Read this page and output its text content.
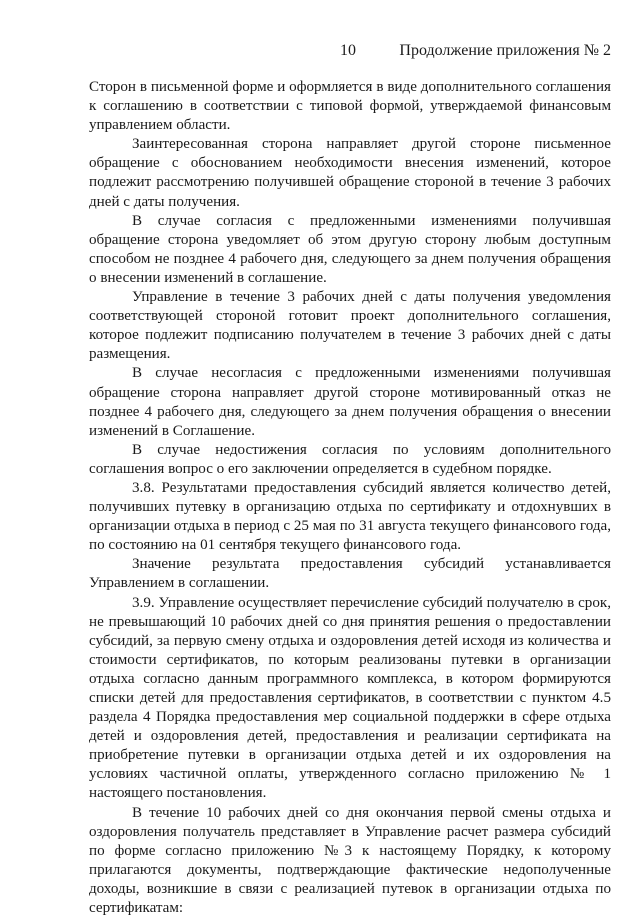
10	Продолжение приложения № 2

Сторон в письменной форме и оформляется в виде дополнительного соглашения к соглашению в соответствии с типовой формой, утверждаемой финансовым управлением области.

Заинтересованная сторона направляет другой стороне письменное обращение с обоснованием необходимости внесения изменений, которое подлежит рассмотрению получившей обращение стороной в течение 3 рабочих дней с даты получения.

В случае согласия с предложенными изменениями получившая обращение сторона уведомляет об этом другую сторону любым доступным способом не позднее 4 рабочего дня, следующего за днем получения обращения о внесении изменений в соглашение.

Управление в течение 3 рабочих дней с даты получения уведомления соответствующей стороной готовит проект дополнительного соглашения, которое подлежит подписанию получателем в течение 3 рабочих дней с даты размещения.

В случае несогласия с предложенными изменениями получившая обращение сторона направляет другой стороне мотивированный отказ не позднее 4 рабочего дня, следующего за днем получения обращения о внесении изменений в Соглашение.

В случае недостижения согласия по условиям дополнительного соглашения вопрос о его заключении определяется в судебном порядке.

3.8. Результатами предоставления субсидий является количество детей, получивших путевку в организацию отдыха по сертификату и отдохнувших в организации отдыха в период с 25 мая по 31 августа текущего финансового года, по состоянию на 01 сентября текущего финансового года.

Значение результата предоставления субсидий устанавливается Управлением в соглашении.

3.9. Управление осуществляет перечисление субсидий получателю в срок, не превышающий 10 рабочих дней со дня принятия решения о предоставлении субсидий, за первую смену отдыха и оздоровления детей исходя из количества и стоимости сертификатов, по которым реализованы путевки в организации отдыха согласно данным программного комплекса, в котором формируются списки детей для предоставления сертификатов, в соответствии с пунктом 4.5 раздела 4 Порядка предоставления мер социальной поддержки в сфере отдыха детей и оздоровления детей, предоставления и реализации сертификата на приобретение путевки в организации отдыха детей и их оздоровления на условиях частичной оплаты, утвержденного согласно приложению № 1 настоящего постановления.

В течение 10 рабочих дней со дня окончания первой смены отдыха и оздоровления получатель представляет в Управление расчет размера субсидий по форме согласно приложению №3 к настоящему Порядку, к которому прилагаются документы, подтверждающие фактические недополученные доходы, возникшие в связи с реализацией путевок в организации отдыха по сертификатам:
